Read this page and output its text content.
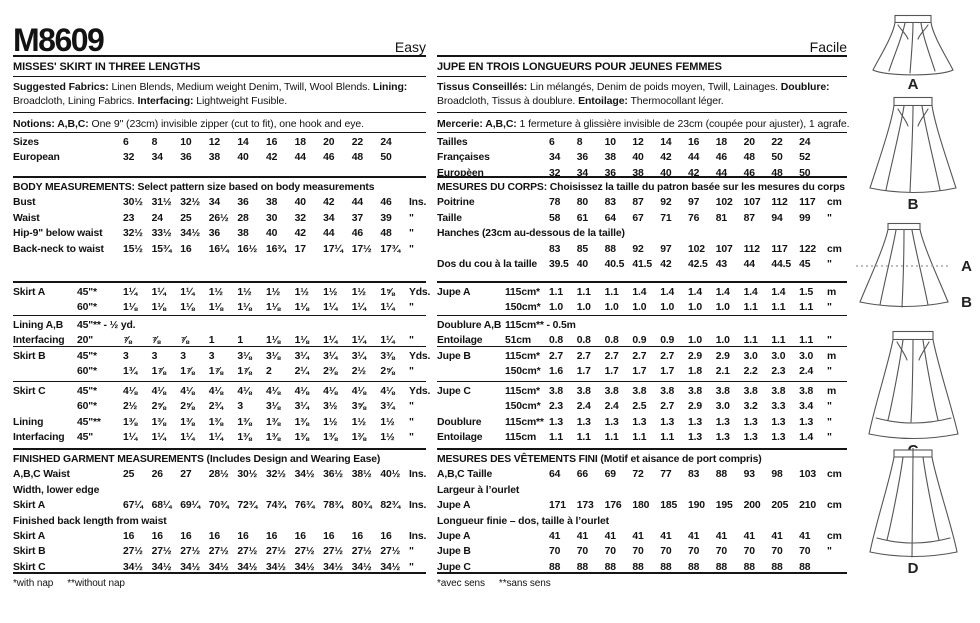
M8609	Easy
MISSES' SKIRT IN THREE LENGTHS
Suggested Fabrics: Linen Blends, Medium weight Denim, Twill, Wool Blends. Lining: Broadcloth, Lining Fabrics. Interfacing: Lightweight Fusible.
Notions: A,B,C: One 9" (23cm) invisible zipper (cut to fit), one hook and eye.
Sizes	6	8	10	12	14	16	18	20	22	24
European	32	34	36	38	40	42	44	46	48	50
BODY MEASUREMENTS: Select pattern size based on body measurements
Bust	30½ 31½ 32½ 34	36	38	40	42	44	46	Ins.
Waist	23	24	25	26½ 28	30	32	34	37	39	"
Hip-9" below waist	32½ 33½ 34½ 36	38	40	42	44	46	48	"
Back-neck to waist	15½ 15¾ 16	16¼ 16½ 16¾ 17	17¼ 17½ 17¾ "
Skirt A	45"*	1¼	1¼	1¼	1½	1½	1½	1½	1½	1½	1⅝	Yds.
60"*	1⅛	1⅛	1⅛	1⅛	1⅛	1⅛	1⅛	1¼	1¼	1¼	"
Lining A,B	45"** - ½ yd.
Interfacing	20"	⅞	⅞	⅞	1	1	1⅛	1⅛	1¼	1¼	1¼	"
Skirt B	45"*	3	3	3	3	3⅛	3⅛	3¼	3¼	3¼	3⅜	Yds.
60"*	1¾	1⅞	1⅞	1⅞	1⅞	2	2¼	2⅜	2½	2⅝	"
Skirt C	45"*	4⅛	4⅛	4⅛	4⅛	4⅛	4⅛	4⅛	4⅛	4⅛	4⅛	Yds.
60"*	2½	2⅝	2⅝	2¾	3	3⅛	3¼	3½	3⅝	3¾	"
Lining	45"**	1⅜	1⅜	1⅜	1⅜	1⅜	1⅜	1⅜	1½	1½	1½	"
Interfacing	45"	1¼	1¼	1¼	1¼	1⅜	1⅜	1⅜	1⅜	1⅜	1½	"
FINISHED GARMENT MEASUREMENTS (Includes Design and Wearing Ease)
A,B,C Waist	25	26	27	28½ 30½ 32½ 34½ 36½ 38½ 40½ Ins.
Width, lower edge
Skirt A	67¼ 68¼ 69¼ 70¾ 72¾ 74¾ 76¾ 78¾ 80¾ 82¾ Ins.
Finished back length from waist
Skirt A	16	16	16	16	16	16	16	16	16	16	Ins.
Skirt B	27½ 27½ 27½ 27½ 27½ 27½ 27½ 27½ 27½ 27½ "
Skirt C	34½ 34½ 34½ 34½ 34½ 34½ 34½ 34½ 34½ 34½ "
*with nap **without nap
Facile
JUPE EN TROIS LONGUEURS POUR JEUNES FEMMES
Tissus Conseillés: Lin mélangés, Denim de poids moyen, Twill, Lainages. Doublure: Broadcloth, Tissus à doublure. Entoilage: Thermocollant léger.
Mercerie: A,B,C: 1 fermeture à glissière invisible de 23cm (coupée pour ajuster), 1 agrafe.
Tailles	6	8	10	12	14	16	18	20	22	24
Françaises	34	36	38	40	42	44	46	48	50	52
Europèen	32	34	36	38	40	42	44	46	48	50
MESURES DU CORPS: Choisissez la taille du patron basée sur les mesures du corps
Poitrine	78	80	83	87	92	97	102	107	112	117	cm
Taille	58	61	64	67	71	76	81	87	94	99	"
Hanches (23cm au-dessous de la taille)
83	85	88	92	97	102	107	112	117	122	cm
Dos du cou à la taille	39.5 40	40.5 41.5 42	42.5 43	44	44.5 45	"
Jupe A	115cm* 1.1	1.1	1.1	1.4	1.4	1.4	1.4	1.4	1.4	1.5	m
150cm* 1.0	1.0	1.0	1.0	1.0	1.0	1.0	1.1	1.1	1.1	"
Doublure A,B 115cm** - 0.5m
Entoilage	51cm	0.8	0.8	0.8	0.9	0.9	1.0	1.0	1.1	1.1	1.1	"
Jupe B	115cm* 2.7	2.7	2.7	2.7	2.7	2.9	2.9	3.0	3.0	3.0	m
150cm* 1.6	1.7	1.7	1.7	1.7	1.8	2.1	2.2	2.3	2.4	"
Jupe C	115cm* 3.8	3.8	3.8	3.8	3.8	3.8	3.8	3.8	3.8	3.8	m
150cm* 2.3	2.4	2.4	2.5	2.7	2.9	3.0	3.2	3.3	3.4	"
Doublure	115cm** 1.3	1.3	1.3	1.3	1.3	1.3	1.3	1.3	1.3	1.3	"
Entoilage	115cm	1.1	1.1	1.1	1.1	1.1	1.3	1.3	1.3	1.3	1.4	"
MESURES DES VÊTEMENTS FINI (Motif et aisance de port compris)
A,B,C Taille	64	66	69	72	77	83	88	93	98	103	cm
Largeur à l’ourlet
Jupe A	171	173	176	180	185	190	195	200	205	210	cm
Longueur finie – dos, taille à l’ourlet
Jupe A	41	41	41	41	41	41	41	41	41	41	cm
Jupe B	70	70	70	70	70	70	70	70	70	70	"
Jupe C	88	88	88	88	88	88	88	88	88	88
*avec sens **sans sens
A
B
A
B
D
